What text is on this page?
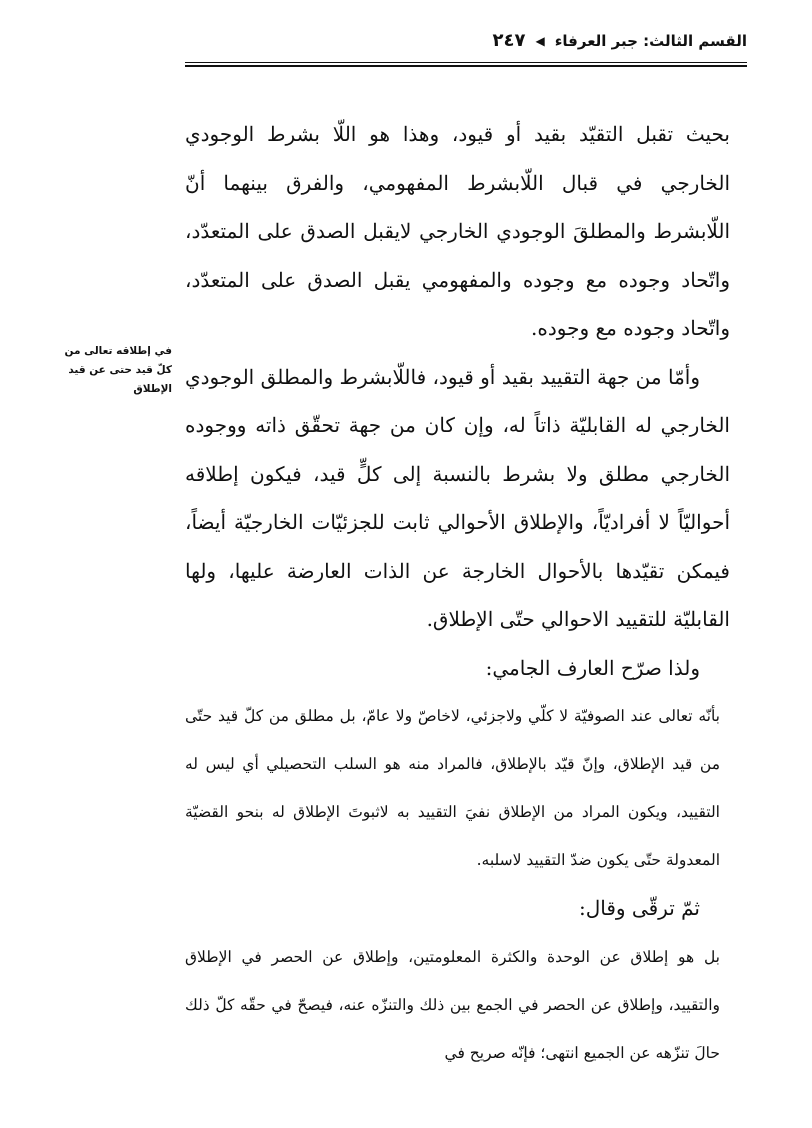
القسم الثالث: جبر العرفاء
◀
٢٤٧
في إطلاقه تعالى من كلّ قيد حتى عن قيد الإطلاق

بحيث تقبل التقيّد بقيد أو قيود، وهذا هو اللّا بشرط الوجودي الخارجي في قبال اللّابشرط المفهومي، والفرق بينهما أنّ اللّابشرط والمطلقَ الوجودي الخارجي لايقبل الصدق على المتعدّد، واتّحاد وجوده مع وجوده والمفهومي يقبل الصدق على المتعدّد، واتّحاد وجوده مع وجوده.

وأمّا من جهة التقييد بقيد أو قيود، فاللّابشرط والمطلق الوجودي الخارجي له القابليّة ذاتاً له، وإن كان من جهة تحقّق ذاته ووجوده الخارجي مطلق ولا بشرط بالنسبة إلى كلٍّ قيد، فيكون إطلاقه أحواليّاً لا أفراديّاً، والإطلاق الأحوالي ثابت للجزئيّات الخارجيّة أيضاً، فيمكن تقيّدها بالأحوال الخارجة عن الذات العارضة عليها، ولها القابليّة للتقييد الاحوالي حتّى الإطلاق.

ولذا صرّح العارف الجامي:

بأنّه تعالى عند الصوفيّة لا كلّي ولاجزئي، لاخاصّ ولا عامّ، بل مطلق من كلّ قيد حتّى من قيد الإطلاق، وإنّ قيّد بالإطلاق، فالمراد منه هو السلب التحصيلي أي ليس له التقييد، ويكون المراد من الإطلاق نفيَ التقييد به لاثبوتَ الإطلاق له بنحو القضيّة المعدولة حتّى يكون ضدّ التقييد لاسلبه.

ثمّ ترقّى وقال:

بل هو إطلاق عن الوحدة والكثرة المعلومتين، وإطلاق عن الحصر في الإطلاق والتقييد، وإطلاق عن الحصر في الجمع بين ذلك والتنزّه عنه، فيصحّ في حقّه كلّ ذلك حالَ تنزّهه عن الجميع انتهى؛ فإنّه صريح في
